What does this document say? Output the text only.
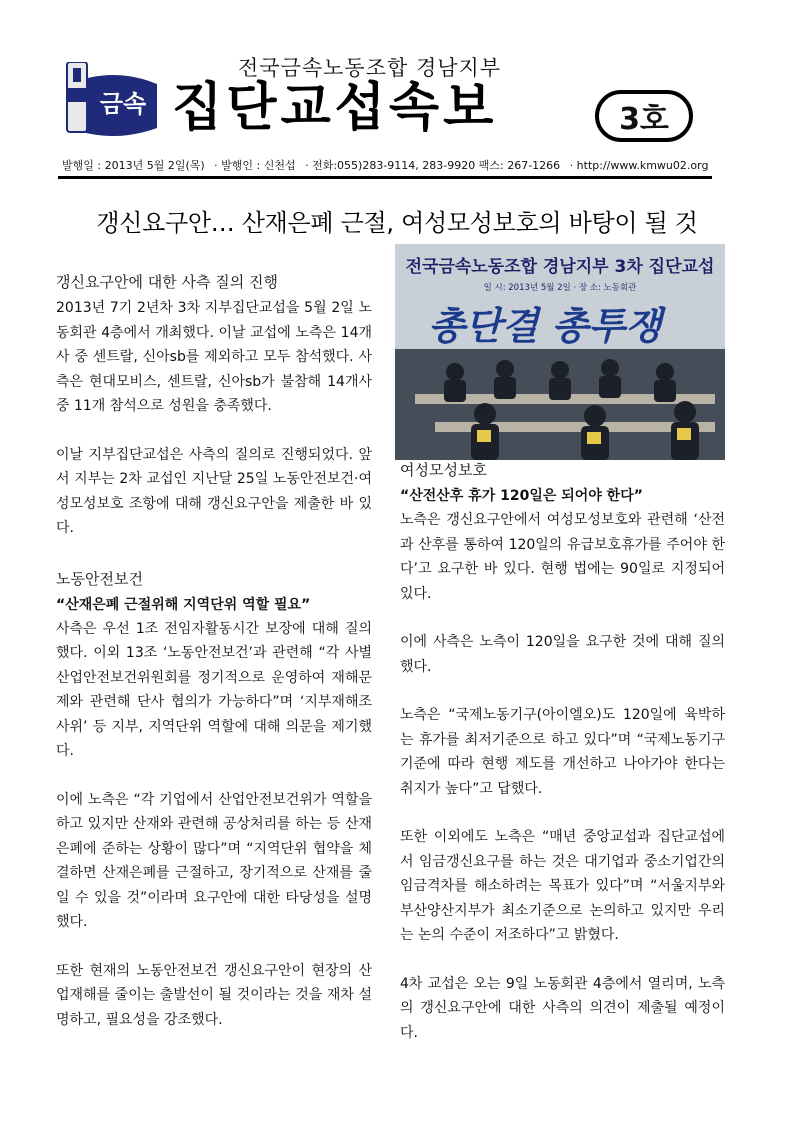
금속
전국금속노동조합 경남지부
집단교섭속보	3호
발행일 : 2013년 5월 2일(목) · 발행인 : 신천섭 · 전화:055)283-9114, 283-9920 팩스: 267-1266 · http://www.kmwu02.org
갱신요구안… 산재은폐 근절, 여성모성보호의 바탕이 될 것
전국금속노동조합 경남지부 3차 집단교섭
일 시: 2013년 5월 2일 · 장 소: 노동회관
총단결 총투쟁
갱신요구안에 대한 사측 질의 진행

2013년 7기 2년차 3차 지부집단교섭을 5월 2일 노동회관 4층에서 개최했다. 이날 교섭에 노측은 14개사 중 센트랄, 신아sb를 제외하고 모두 참석했다. 사측은 현대모비스, 센트랄, 신아sb가 불참해 14개사 중 11개 참석으로 성원을 충족했다.

이날 지부집단교섭은 사측의 질의로 진행되었다. 앞서 지부는 2차 교섭인 지난달 25일 노동안전보건·여성모성보호 조항에 대해 갱신요구안을 제출한 바 있다.

노동안전보건
“산재은폐 근절위해 지역단위 역할 필요”

사측은 우선 1조 전임자활동시간 보장에 대해 질의했다. 이외 13조 ‘노동안전보건’과 관련해 “각 사별 산업안전보건위원회를 정기적으로 운영하여 재해문제와 관련해 단사 협의가 가능하다”며 ‘지부재해조사위’ 등 지부, 지역단위 역할에 대해 의문을 제기했다.

이에 노측은 “각 기업에서 산업안전보건위가 역할을 하고 있지만 산재와 관련해 공상처리를 하는 등 산재은폐에 준하는 상황이 많다”며 “지역단위 협약을 체결하면 산재은폐를 근절하고, 장기적으로 산재를 줄일 수 있을 것”이라며 요구안에 대한 타당성을 설명했다.

또한 현재의 노동안전보건 갱신요구안이 현장의 산업재해를 줄이는 출발선이 될 것이라는 것을 재차 설명하고, 필요성을 강조했다.

여성모성보호
“산전산후 휴가 120일은 되어야 한다”

노측은 갱신요구안에서 여성모성보호와 관련해 ‘산전과 산후를 통하여 120일의 유급보호휴가를 주어야 한다’고 요구한 바 있다. 현행 법에는 90일로 지정되어 있다.

이에 사측은 노측이 120일을 요구한 것에 대해 질의했다.

노측은 “국제노동기구(아이엘오)도 120일에 육박하는 휴가를 최저기준으로 하고 있다”며 “국제노동기구 기준에 따라 현행 제도를 개선하고 나아가야 한다는 취지가 높다”고 답했다.

또한 이외에도 노측은 “매년 중앙교섭과 집단교섭에서 임금갱신요구를 하는 것은 대기업과 중소기업간의 임금격차를 해소하려는 목표가 있다”며 “서울지부와 부산양산지부가 최소기준으로 논의하고 있지만 우리는 논의 수준이 저조하다”고 밝혔다.

4차 교섭은 오는 9일 노동회관 4층에서 열리며, 노측의 갱신요구안에 대한 사측의 의견이 제출될 예정이다.
